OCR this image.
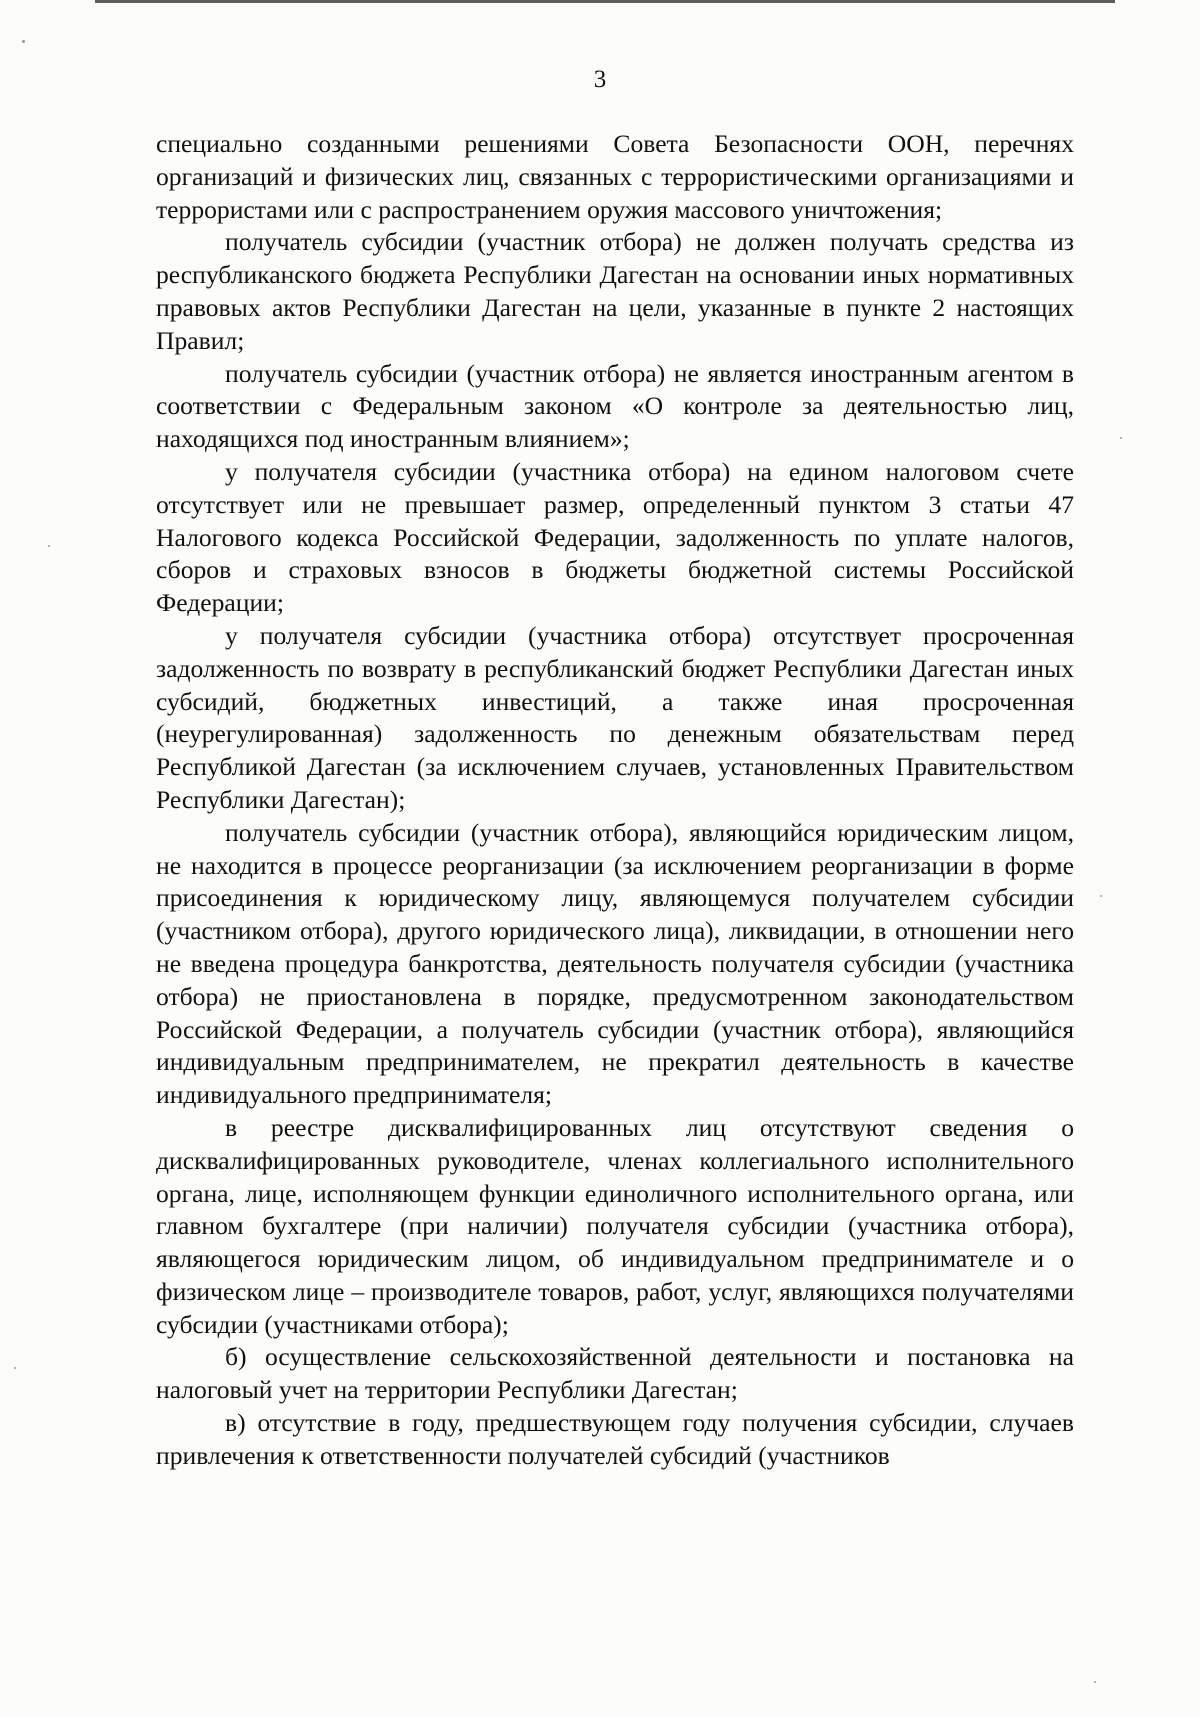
3

специально созданными решениями Совета Безопасности ООН, перечнях организаций и физических лиц, связанных с террористическими организациями и террористами или с распространением оружия массового уничтожения;

получатель субсидии (участник отбора) не должен получать средства из республиканского бюджета Республики Дагестан на основании иных нормативных правовых актов Республики Дагестан на цели, указанные в пункте 2 настоящих Правил;

получатель субсидии (участник отбора) не является иностранным агентом в соответствии с Федеральным законом «О контроле за деятельностью лиц, находящихся под иностранным влиянием»;

у получателя субсидии (участника отбора) на едином налоговом счете отсутствует или не превышает размер, определенный пунктом 3 статьи 47 Налогового кодекса Российской Федерации, задолженность по уплате налогов, сборов и страховых взносов в бюджеты бюджетной системы Российской Федерации;

у получателя субсидии (участника отбора) отсутствует просроченная задолженность по возврату в республиканский бюджет Республики Дагестан иных субсидий, бюджетных инвестиций, а также иная просроченная (неурегулированная) задолженность по денежным обязательствам перед Республикой Дагестан (за исключением случаев, установленных Правительством Республики Дагестан);

получатель субсидии (участник отбора), являющийся юридическим лицом, не находится в процессе реорганизации (за исключением реорганизации в форме присоединения к юридическому лицу, являющемуся получателем субсидии (участником отбора), другого юридического лица), ликвидации, в отношении него не введена процедура банкротства, деятельность получателя субсидии (участника отбора) не приостановлена в порядке, предусмотренном законодательством Российской Федерации, а получатель субсидии (участник отбора), являющийся индивидуальным предпринимателем, не прекратил деятельность в качестве индивидуального предпринимателя;

в реестре дисквалифицированных лиц отсутствуют сведения о дисквалифицированных руководителе, членах коллегиального исполнительного органа, лице, исполняющем функции единоличного исполнительного органа, или главном бухгалтере (при наличии) получателя субсидии (участника отбора), являющегося юридическим лицом, об индивидуальном предпринимателе и о физическом лице – производителе товаров, работ, услуг, являющихся получателями субсидии (участниками отбора);

б) осуществление сельскохозяйственной деятельности и постановка на налоговый учет на территории Республики Дагестан;

в) отсутствие в году, предшествующем году получения субсидии, случаев привлечения к ответственности получателей субсидий (участников
